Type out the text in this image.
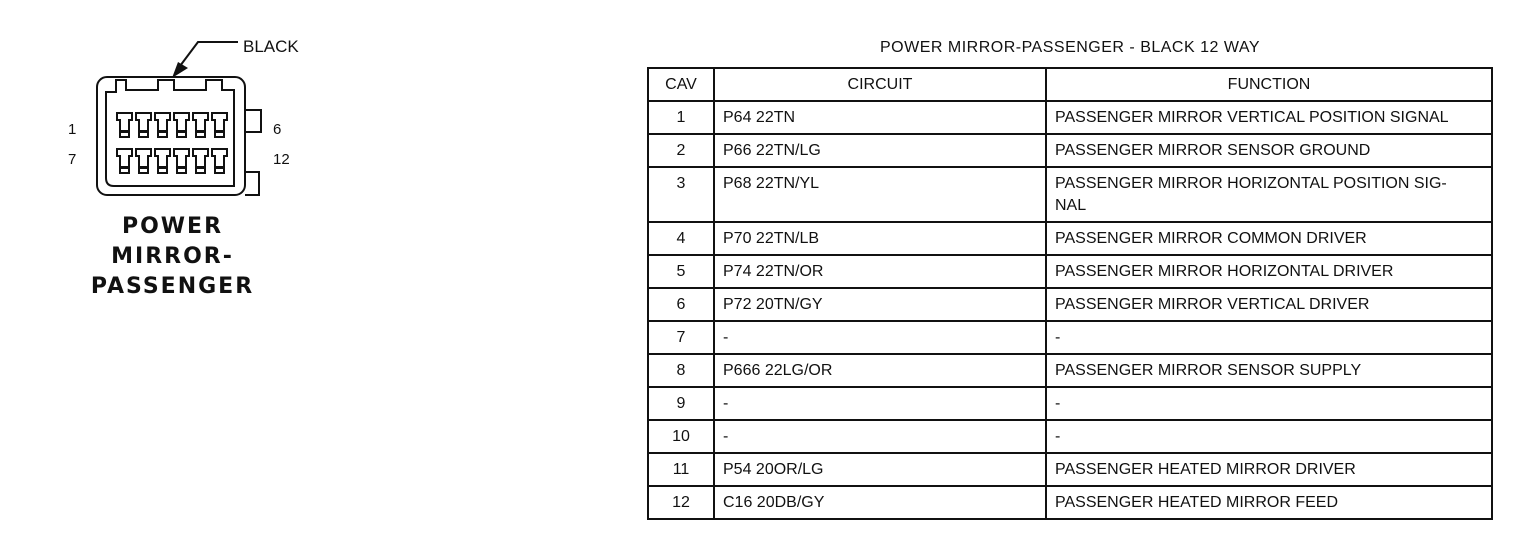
BLACK
1
7
6
12
POWER
MIRROR-PASSENGER
POWER MIRROR-PASSENGER - BLACK 12 WAY
CAV	CIRCUIT	FUNCTION
1	P64 22TN	PASSENGER MIRROR VERTICAL POSITION SIGNAL
2	P66 22TN/LG	PASSENGER MIRROR SENSOR GROUND
3	P68 22TN/YL	PASSENGER MIRROR HORIZONTAL POSITION SIG-NAL
4	P70 22TN/LB	PASSENGER MIRROR COMMON DRIVER
5	P74 22TN/OR	PASSENGER MIRROR HORIZONTAL DRIVER
6	P72 20TN/GY	PASSENGER MIRROR VERTICAL DRIVER
7	-	-
8	P666 22LG/OR	PASSENGER MIRROR SENSOR SUPPLY
9	-	-
10	-	-
11	P54 20OR/LG	PASSENGER HEATED MIRROR DRIVER
12	C16 20DB/GY	PASSENGER HEATED MIRROR FEED
